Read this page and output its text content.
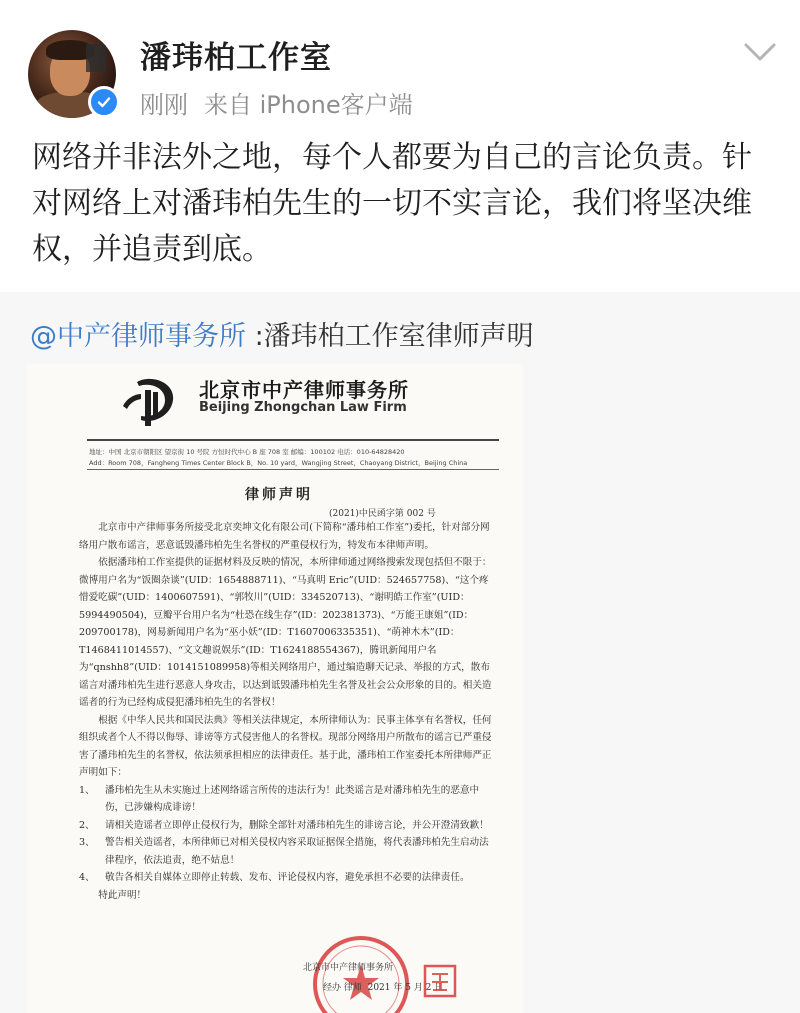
潘玮柏工作室
刚刚 来自 iPhone客户端
网络并非法外之地，每个人都要为自己的言论负责。针对网络上对潘玮柏先生的一切不实言论，我们将坚决维权，并追责到底。
@中产律师事务所 :潘玮柏工作室律师声明
北京市中产律师事务所
Beijing Zhongchan Law Firm
地址：中国 北京市朝阳区 望京街 10 号院 方恒时代中心 B 座 708 室 邮编：100102 电话：010-64828420
Add：Room 708，Fangheng Times Center Block B，No. 10 yard，Wangjing Street，Chaoyang District，Beijing China
律师声明
(2021)中民函字第 002 号

北京市中产律师事务所接受北京奕坤文化有限公司(下简称“潘玮柏工作室”)委托，针对部分网络用户散布谣言，恶意诋毁潘玮柏先生名誉权的严重侵权行为，特发布本律师声明。

依据潘玮柏工作室提供的证据材料及反映的情况，本所律师通过网络搜索发现包括但不限于：微博用户名为“饭圈杂谈”(UID：1654888711)、“马真明 Eric”(UID：524657758)、“这个疼惜爱吃碳”(UID：1400607591)、“郭牧川”(UID：334520713)、“谢明皓工作室”(UID：5994490504)，豆瓣平台用户名为“杜恐在线生存”(ID：202381373)、“万能王康姐”(ID：209700178)，网易新闻用户名为“巫小妖”(ID：T1607006335351)、“萌神木木”(ID：T1468411014557)、“文文趣说娱乐”(ID：T1624188554367)，腾讯新闻用户名为“qnshh8”(UID：1014151089958)等相关网络用户，通过编造聊天记录、举报的方式，散布谣言对潘玮柏先生进行恶意人身攻击，以达到诋毁潘玮柏先生名誉及社会公众形象的目的。相关造谣者的行为已经构成侵犯潘玮柏先生的名誉权！

根据《中华人民共和国民法典》等相关法律规定，本所律师认为：民事主体享有名誉权，任何组织或者个人不得以侮辱、诽谤等方式侵害他人的名誉权。现部分网络用户所散布的谣言已严重侵害了潘玮柏先生的名誉权，依法须承担相应的法律责任。基于此，潘玮柏工作室委托本所律师严正声明如下：

1、 潘玮柏先生从未实施过上述网络谣言所传的违法行为！此类谣言是对潘玮柏先生的恶意中伤，已涉嫌构成诽谤！

2、 请相关造谣者立即停止侵权行为，删除全部针对潘玮柏先生的诽谤言论，并公开澄清致歉！

3、 警告相关造谣者，本所律师已对相关侵权内容采取证据保全措施，将代表潘玮柏先生启动法律程序，依法追责，绝不姑息！

4、 敬告各相关自媒体立即停止转载、发布、评论侵权内容，避免承担不必要的法律责任。

特此声明！

北京市中产律师事务所
经办 律师 2021 年 5 月 2 日
